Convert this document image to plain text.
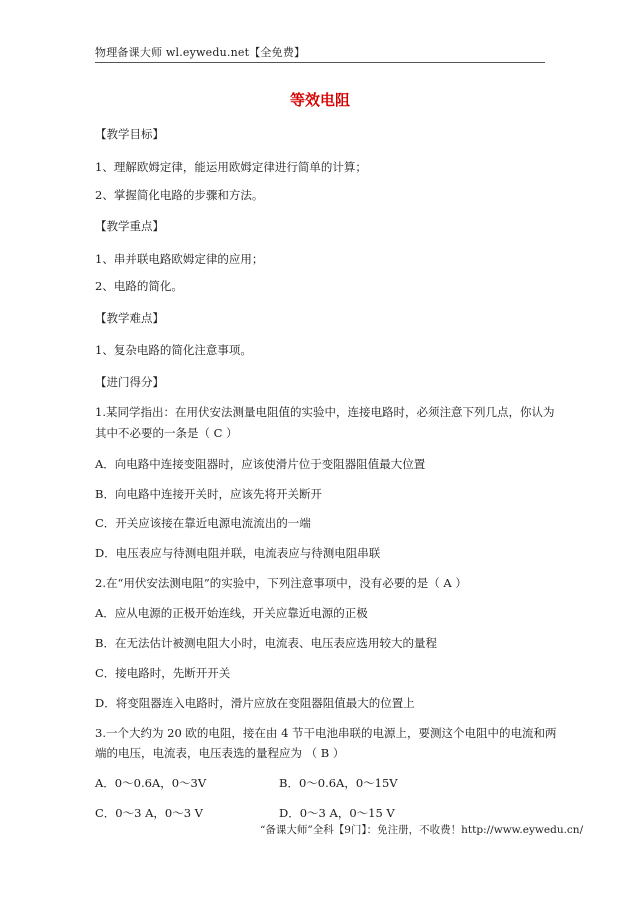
物理备课大师 wl.eywedu.net【全免费】
等效电阻
【教学目标】
1、理解欧姆定律，能运用欧姆定律进行简单的计算；
2、掌握简化电路的步骤和方法。
【教学重点】
1、串并联电路欧姆定律的应用；
2、电路的简化。
【教学难点】
1、复杂电路的简化注意事项。
【进门得分】
1.某同学指出：在用伏安法测量电阻值的实验中，连接电路时，必须注意下列几点，你认为
其中不必要的一条是（ C ）
A．向电路中连接变阻器时，应该使滑片位于变阻器阻值最大位置
B．向电路中连接开关时，应该先将开关断开
C．开关应该接在靠近电源电流流出的一端
D．电压表应与待测电阻并联，电流表应与待测电阻串联
2.在“用伏安法测电阻”的实验中，下列注意事项中，没有必要的是（ A ）
A．应从电源的正极开始连线，开关应靠近电源的正极
B．在无法估计被测电阻大小时，电流表、电压表应选用较大的量程
C．接电路时，先断开开关
D．将变阻器连入电路时，滑片应放在变阻器阻值最大的位置上
3.一个大约为 20 欧的电阻，接在由 4 节干电池串联的电源上，要测这个电阻中的电流和两
端的电压，电流表，电压表选的量程应为 （ B ）
A．0～0.6A，0～3V	B．0～0.6A，0～15V
C．0～3 A，0～3 V	D．0～3 A，0～15 V
“备课大师”全科【9门】：免注册，不收费！http://www.eywedu.cn/
